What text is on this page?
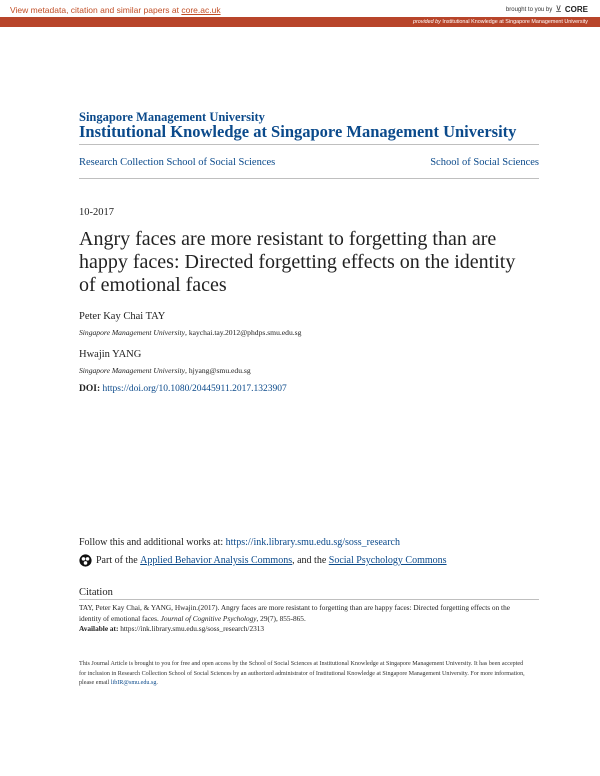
View metadata, citation and similar papers at core.ac.uk	brought to you by ⊻ CORE
provided by Institutional Knowledge at Singapore Management University
Singapore Management University
Institutional Knowledge at Singapore Management University
Research Collection School of Social Sciences	School of Social Sciences
10-2017
Angry faces are more resistant to forgetting than are happy faces: Directed forgetting effects on the identity of emotional faces
Peter Kay Chai TAY
Singapore Management University, kaychai.tay.2012@phdps.smu.edu.sg
Hwajin YANG
Singapore Management University, hjyang@smu.edu.sg
DOI: https://doi.org/10.1080/20445911.2017.1323907
Follow this and additional works at: https://ink.library.smu.edu.sg/soss_research
Part of the
Applied Behavior Analysis Commons , and the
Social Psychology Commons
Citation
TAY, Peter Kay Chai, & YANG, Hwajin.(2017). Angry faces are more resistant to forgetting than are happy faces: Directed forgetting effects on the identity of emotional faces. Journal of Cognitive Psychology, 29(7), 855-865.
Available at: https://ink.library.smu.edu.sg/soss_research/2313
This Journal Article is brought to you for free and open access by the School of Social Sciences at Institutional Knowledge at Singapore Management University. It has been accepted for inclusion in Research Collection School of Social Sciences by an authorized administrator of Institutional Knowledge at Singapore Management University. For more information, please email libIR@smu.edu.sg.
